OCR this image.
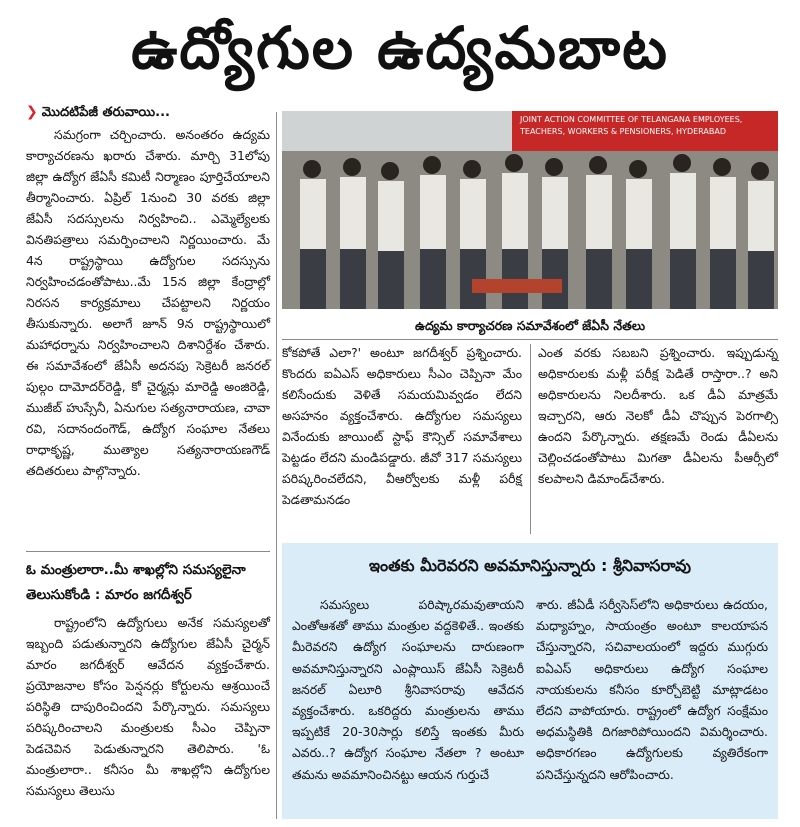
ఉద్యోగుల ఉద్యమబాట
❯ మొదటిపేజీ తరువాయి...

సమగ్రంగా చర్చించారు. అనంతరం ఉద్యమ కార్యాచరణను ఖరారు చేశారు. మార్చి 31లోపు జిల్లా ఉద్యోగ జేఏసీ కమిటీ నిర్మాణం పూర్తిచేయాలని తీర్మానించారు. ఏప్రిల్ 1నుంచి 30 వరకు జిల్లా జేఏసీ సదస్సులను నిర్వహించి.. ఎమ్మెల్యేలకు వినతిపత్రాలు సమర్పించాలని నిర్ణయించారు. మే 4న రాష్ట్రస్థాయి ఉద్యోగుల సదస్సును నిర్వహించడంతోపాటు..మే 15న జిల్లా కేంద్రాల్లో నిరసన కార్యక్రమాలు చేపట్టాలని నిర్ణయం తీసుకున్నారు. అలాగే జూన్ 9న రాష్ట్రస్థాయిలో మహాధర్నాను నిర్వహించాలని దిశానిర్దేశం చేశారు. ఈ సమావేశంలో జేఏసీ అదనపు సెక్రెటరీ జనరల్ పుల్గం దామోదర్‌రెడ్డి, కో చైర్మన్లు మారెడ్డి అంజిరెడ్డి, ముజీబ్ హుస్సేనీ, ఏనుగుల సత్యనారాయణ, చావా రవి, సదానందంగౌడ్, ఉద్యోగ సంఘాల నేతలు రాధాకృష్ణ, ముత్యాల సత్యనారాయణగౌడ్ తదితరులు పాల్గొన్నారు.

ఓ మంత్రులారా..మీ శాఖల్లోని సమస్యలైనా తెలుసుకోండి : మారం జగదీశ్వర్

రాష్ట్రంలోని ఉద్యోగులు అనేక సమస్యలతో ఇబ్బంది పడుతున్నారని ఉద్యోగుల జేఏసీ చైర్మన్ మారం జగదీశ్వర్ ఆవేదన వ్యక్తంచేశారు. ప్రయోజనాల కోసం పెన్షనర్లు కోర్టులను ఆశ్రయించే పరిస్థితి దాపురించిందని పేర్కొన్నారు. సమస్యలు పరిష్కరించాలని మంత్రులకు సీఎం చెప్పినా పెడచెవిన పెడుతున్నారని తెలిపారు. 'ఓ మంత్రులారా.. కనీసం మీ శాఖల్లోని ఉద్యోగుల సమస్యలు తెలుసు

JOINT ACTION COMMITTEE OF TELANGANA EMPLOYEES,
TEACHERS, WORKERS & PENSIONERS, HYDERABAD
ఉద్యమ కార్యాచరణ సమావేశంలో జేఏసీ నేతలు

కోకపోతే ఎలా?' అంటూ జగదీశ్వర్ ప్రశ్నించారు. కొందరు ఐఏఎస్ అధికారులు సీఎం చెప్పినా మేం కలిసేందుకు వెళితే సమయమివ్వడం లేదని అసహనం వ్యక్తంచేశారు. ఉద్యోగుల సమస్యలు వినేందుకు జాయింట్ స్టాఫ్ కౌన్సిల్ సమావేశాలు పెట్టడం లేదని మండిపడ్డారు. జీవో 317 సమస్యలు పరిష్కరించలేదని, వీఆర్వోలకు మళ్లీ పరీక్ష పెడతామనడం

ఎంత వరకు సబబని ప్రశ్నించారు. ఇప్పుడున్న అధికారులకు మళ్లీ పరీక్ష పెడితే రాస్తారా..? అని అధికారులను నిలదీశారు. ఒక డీఏ మాత్రమే ఇచ్చారని, ఆరు నెలకో డీఏ చొప్పున పెరగాల్సి ఉందని పేర్కొన్నారు. తక్షణమే రెండు డీఏలను చెల్లించడంతోపాటు మిగతా డీఏలను పీఆర్సీలో కలపాలని డిమాండ్‌చేశారు.

ఇంతకు మీరెవరని అవమానిస్తున్నారు : శ్రీనివాసరావు

సమస్యలు పరిష్కారమవుతాయని ఎంతోఆశతో తాము మంత్రుల వద్దకెళితే.. ఇంతకు మీరెవరని ఉద్యోగ సంఘాలను దారుణంగా అవమానిస్తున్నారని ఎంప్లాయిస్ జేఏసీ సెక్రెటరీ జనరల్ ఏలూరి శ్రీనివాసరావు ఆవేదన వ్యక్తంచేశారు. ఒకరిద్దరు మంత్రులను తాము ఇప్పటికే 20-30సార్లు కలిస్తే ఇంతకు మీరు ఎవరు..? ఉద్యోగ సంఘాల నేతలా ? అంటూ తమను అవమానించినట్టు ఆయన గుర్తుచే

శారు. జీఏడీ సర్వీసెస్‌లోని అధికారులు ఉదయం, మధ్యాహ్నం, సాయంత్రం అంటూ కాలయాపన చేస్తున్నారని, సచివాలయంలో ఇద్దరు ముగ్గురు ఐఏఎస్ అధికారులు ఉద్యోగ సంఘాల నాయకులను కనీసం కూర్చోబెట్టి మాట్లాడటం లేదని వాపోయారు. రాష్ట్రంలో ఉద్యోగ సంక్షేమం అధమస్థితికి దిగజారిపోయిందని విమర్శించారు. అధికారగణం ఉద్యోగులకు వ్యతిరేకంగా పనిచేస్తున్నదని ఆరోపించారు.
